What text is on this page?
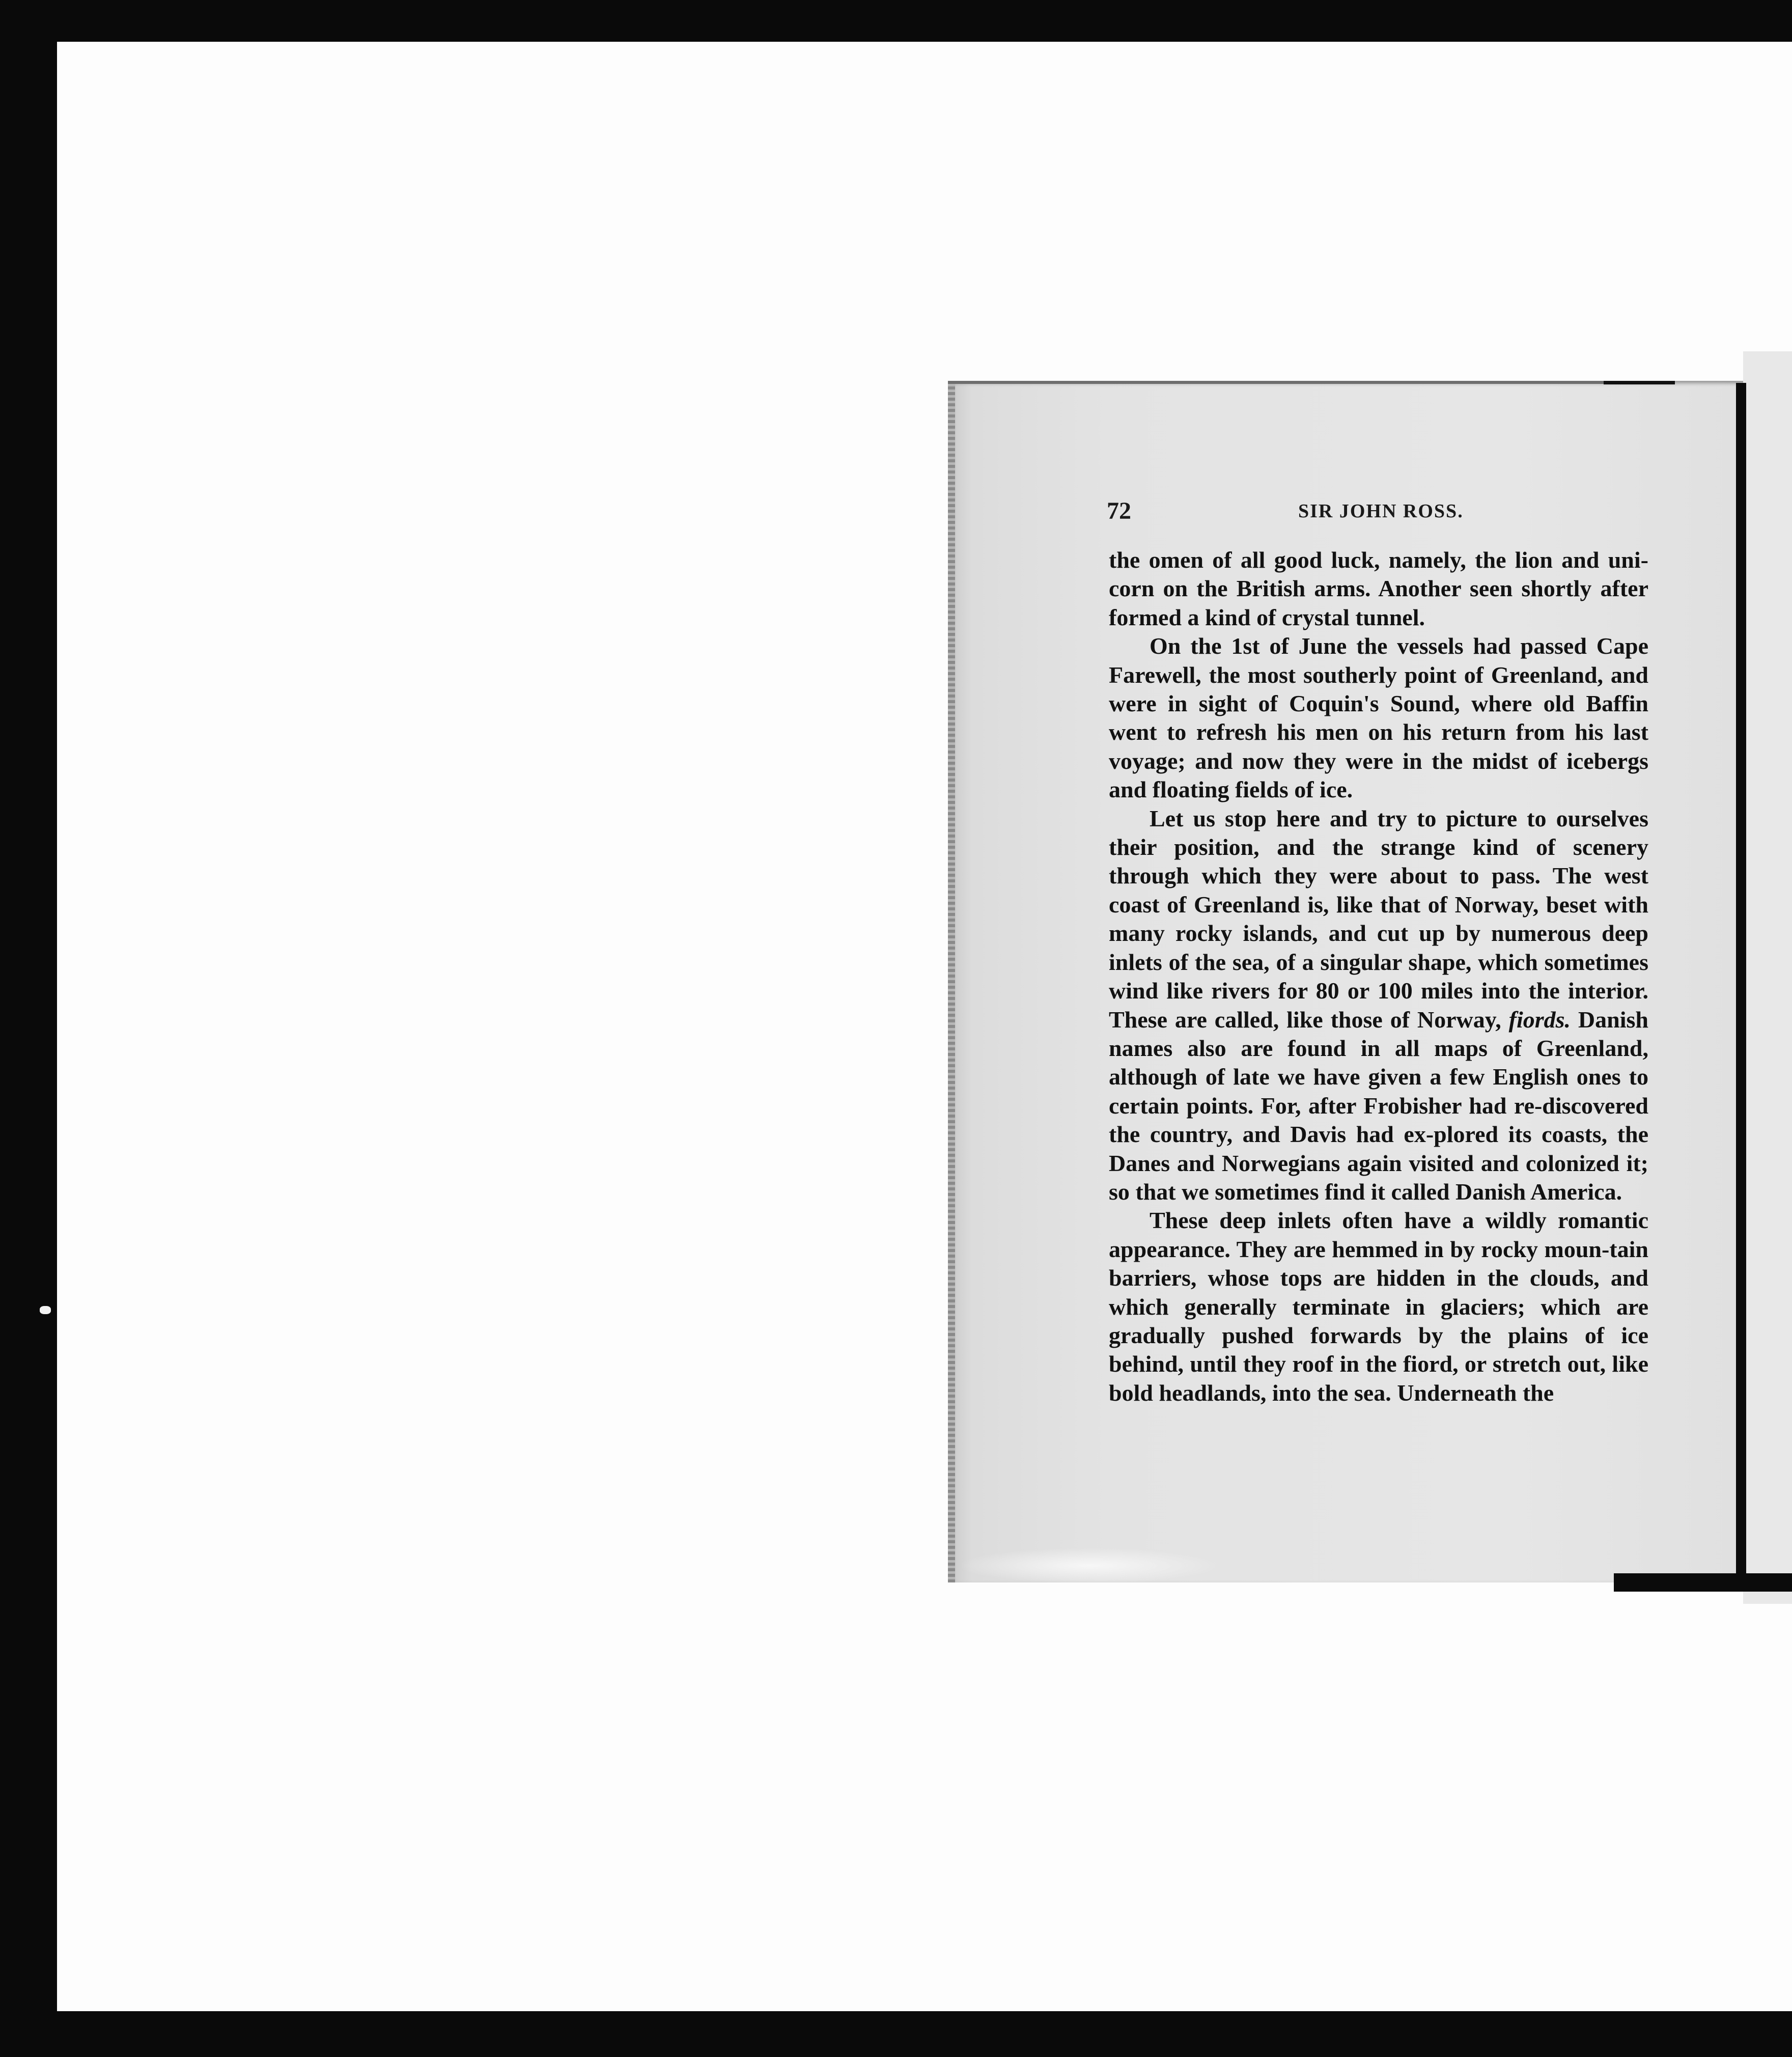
72	SIR JOHN ROSS.

the omen of all good luck, namely, the lion and uni-corn on the British arms. Another seen shortly after formed a kind of crystal tunnel.

On the 1st of June the vessels had passed Cape Farewell, the most southerly point of Greenland, and were in sight of Coquin's Sound, where old Baffin went to refresh his men on his return from his last voyage; and now they were in the midst of icebergs and floating fields of ice.

Let us stop here and try to picture to ourselves their position, and the strange kind of scenery through which they were about to pass. The west coast of Greenland is, like that of Norway, beset with many rocky islands, and cut up by numerous deep inlets of the sea, of a singular shape, which sometimes wind like rivers for 80 or 100 miles into the interior. These are called, like those of Norway, fiords. Danish names also are found in all maps of Greenland, although of late we have given a few English ones to certain points. For, after Frobisher had re-discovered the country, and Davis had ex-plored its coasts, the Danes and Norwegians again visited and colonized it; so that we sometimes find it called Danish America.

These deep inlets often have a wildly romantic appearance. They are hemmed in by rocky moun-tain barriers, whose tops are hidden in the clouds, and which generally terminate in glaciers; which are gradually pushed forwards by the plains of ice behind, until they roof in the fiord, or stretch out, like bold headlands, into the sea. Underneath the
